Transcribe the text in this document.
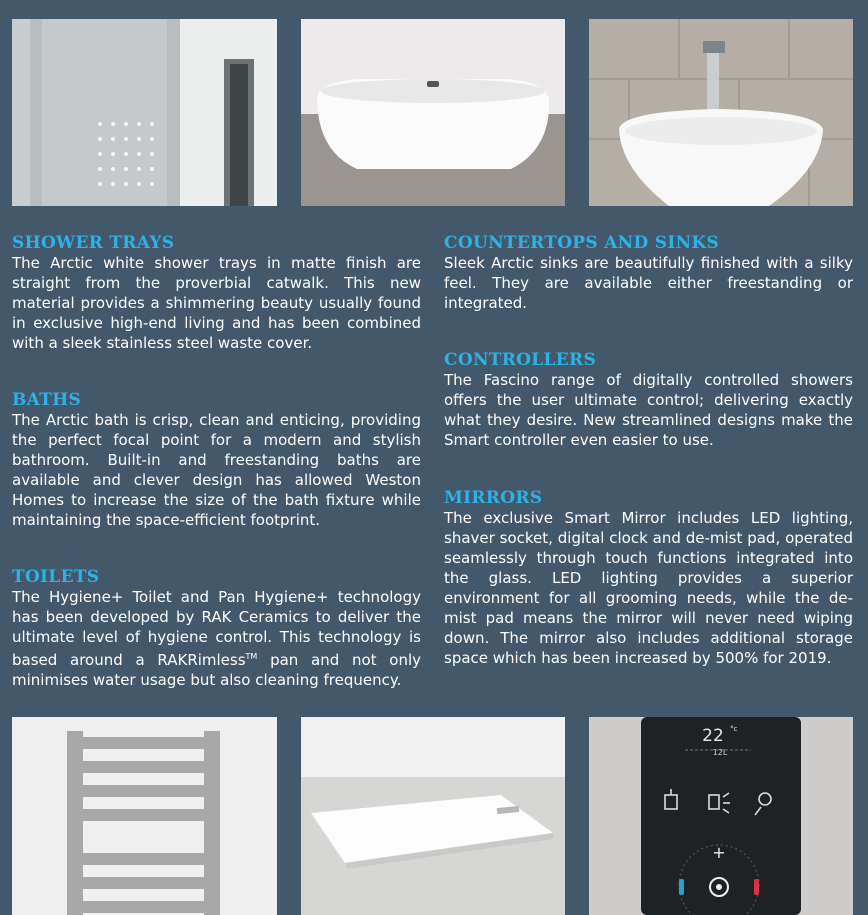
SHOWER TRAYS

The Arctic white shower trays in matte finish are straight from the proverbial catwalk. This new material provides a shimmering beauty usually found in exclusive high-end living and has been combined with a sleek stainless steel waste cover.

BATHS

The Arctic bath is crisp, clean and enticing, providing the perfect focal point for a modern and stylish bathroom. Built-in and freestanding baths are available and clever design has allowed Weston Homes to increase the size of the bath fixture while maintaining the space-efficient footprint.

TOILETS

The Hygiene+ Toilet and Pan Hygiene+ technology has been developed by RAK Ceramics to deliver the ultimate level of hygiene control. This technology is based around a RAKRimless™ pan and not only minimises water usage but also cleaning frequency.

COUNTERTOPS AND SINKS

Sleek Arctic sinks are beautifully finished with a silky feel. They are available either freestanding or integrated.

CONTROLLERS

The Fascino range of digitally controlled showers offers the user ultimate control; delivering exactly what they desire. New streamlined designs make the Smart controller even easier to use.

MIRRORS

The exclusive Smart Mirror includes LED lighting, shaver socket, digital clock and de-mist pad, operated seamlessly through touch functions integrated into the glass. LED lighting provides a superior environment for all grooming needs, while the de-mist pad means the mirror will never need wiping down. The mirror also includes additional storage space which has been increased by 500% for 2019.

22 °c
12L
+
